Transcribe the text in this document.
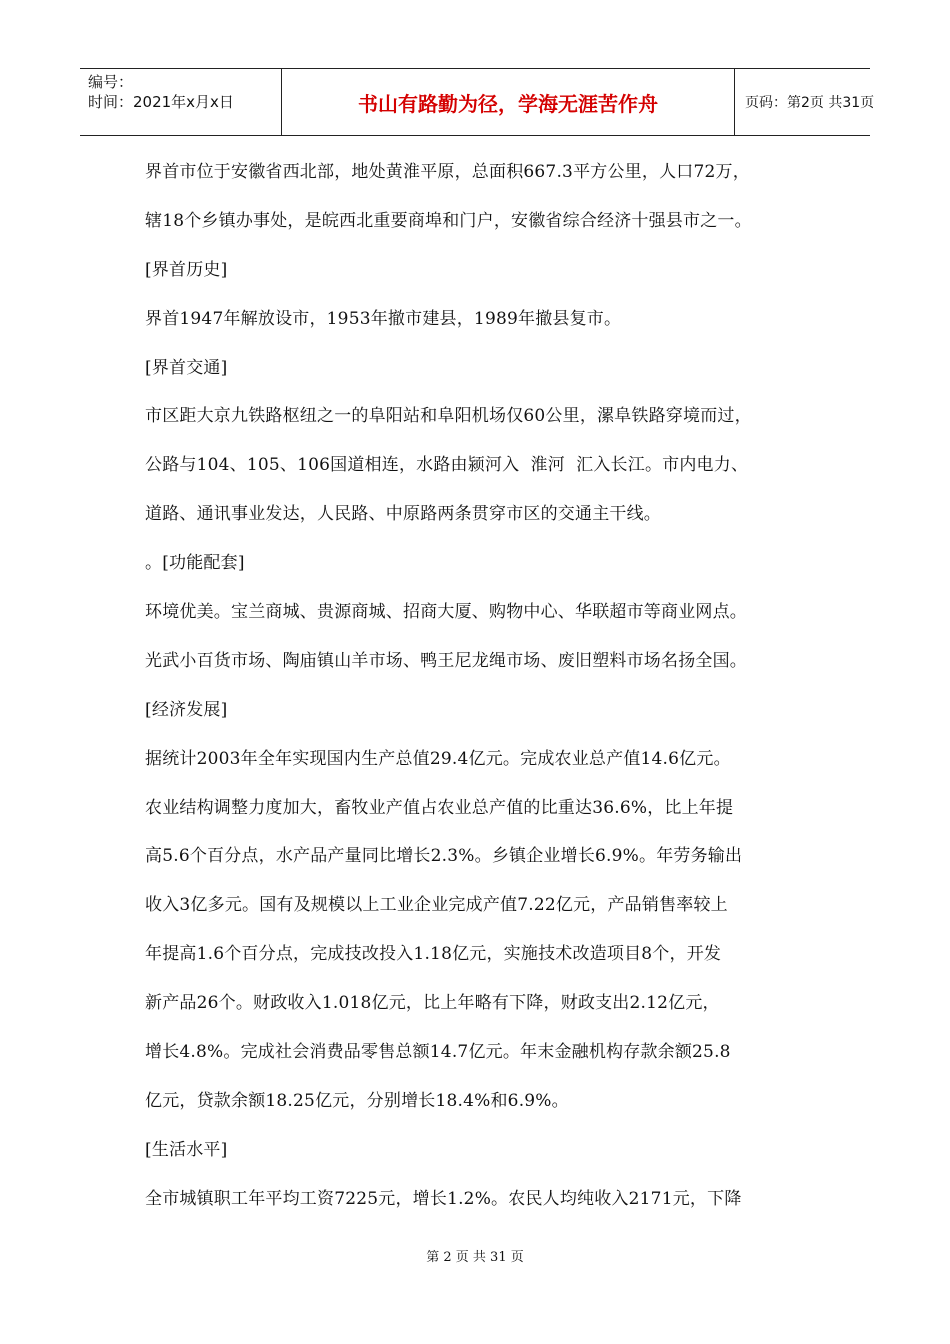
编号：
时间：2021年x月x日	书山有路勤为径，学海无涯苦作舟	页码：第2页 共31页
界首市位于安徽省西北部，地处黄淮平原，总面积667.3平方公里，人口72万，
辖18个乡镇办事处，是皖西北重要商埠和门户，安徽省综合经济十强县市之一。
[界首历史]
界首1947年解放设市，1953年撤市建县，1989年撤县复市。
[界首交通]
市区距大京九铁路枢纽之一的阜阳站和阜阳机场仅60公里，漯阜铁路穿境而过，
公路与104、105、106国道相连，水路由颍河入  淮河  汇入长江。市内电力、
道路、通讯事业发达，人民路、中原路两条贯穿市区的交通主干线。
。[功能配套]
环境优美。宝兰商城、贵源商城、招商大厦、购物中心、华联超市等商业网点。
光武小百货市场、陶庙镇山羊市场、鸭王尼龙绳市场、废旧塑料市场名扬全国。
[经济发展]
据统计2003年全年实现国内生产总值29.4亿元。完成农业总产值14.6亿元。
农业结构调整力度加大，畜牧业产值占农业总产值的比重达36.6%，比上年提
高5.6个百分点，水产品产量同比增长2.3%。乡镇企业增长6.9%。年劳务输出
收入3亿多元。国有及规模以上工业企业完成产值7.22亿元，产品销售率较上
年提高1.6个百分点，完成技改投入1.18亿元，实施技术改造项目8个，开发
新产品26个。财政收入1.018亿元，比上年略有下降，财政支出2.12亿元，
增长4.8%。完成社会消费品零售总额14.7亿元。年末金融机构存款余额25.8
亿元，贷款余额18.25亿元，分别增长18.4%和6.9%。
[生活水平]
全市城镇职工年平均工资7225元，增长1.2%。农民人均纯收入2171元，下降
第 2 页 共 31 页
